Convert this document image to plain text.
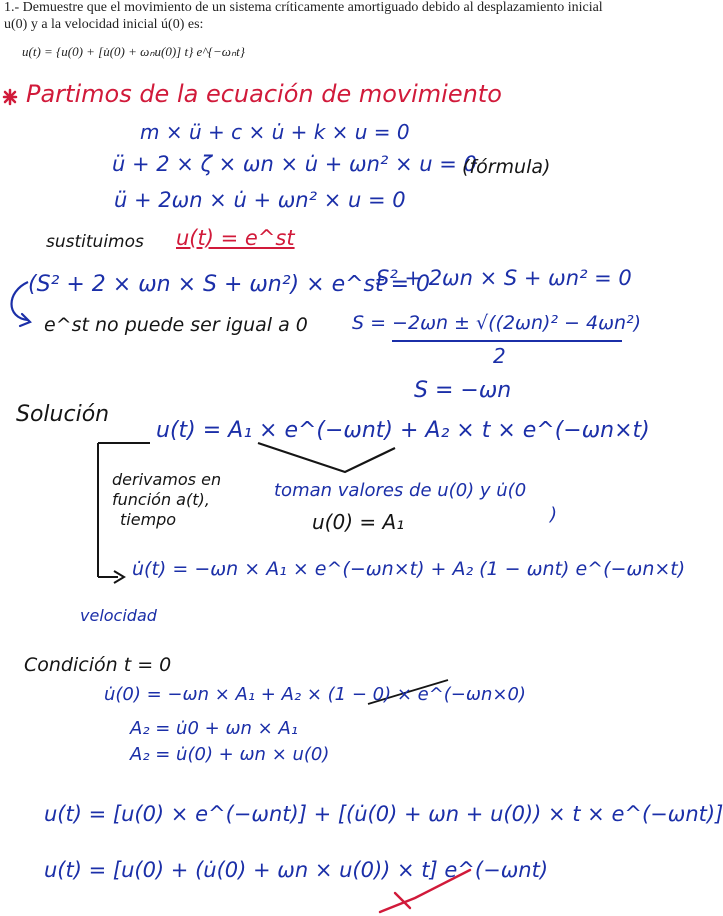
1.- Demuestre que el movimiento de un sistema críticamente amortiguado debido al desplazamiento inicial
u(0) y a la velocidad inicial ú(0) es:
u(t) = {u(0) + [u̇(0) + ωₙu(0)] t} e^{−ωₙt}
Partimos de la ecuación de movimiento
m × ü + c × u̇ + k × u = 0
ü + 2 × ζ × ωn × u̇ + ωn² × u = 0
(fórmula)
ü + 2ωn × u̇ + ωn² × u = 0
sustituimos u(t) = e^st
(S² + 2 × ωn × S + ωn²) × e^st = 0
S² + 2ωn × S + ωn² = 0
e^st no puede ser igual a 0 S = −2ωn ± √((2ωn)² − 4ωn²)
2
S = −ωn
Solución
u(t) = A₁ × e^(−ωnt) + A₂ × t × e^(−ωn×t)
derivamos en
función a(t),
tiempo
toman valores de u(0) y u̇(0
)
u(0) = A₁
u̇(t) = −ωn × A₁ × e^(−ωn×t) + A₂ (1 − ωnt) e^(−ωn×t)
velocidad
Condición t = 0
u̇(0) = −ωn × A₁ + A₂ × (1 − 0) × e^(−ωn×0)
A₂ = u̇0 + ωn × A₁
A₂ = u̇(0) + ωn × u(0)
u(t) = [u(0) × e^(−ωnt)] + [(u̇(0) + ωn + u(0)) × t × e^(−ωnt)]
u(t) = [u(0) + (u̇(0) + ωn × u(0)) × t] e^(−ωnt)
